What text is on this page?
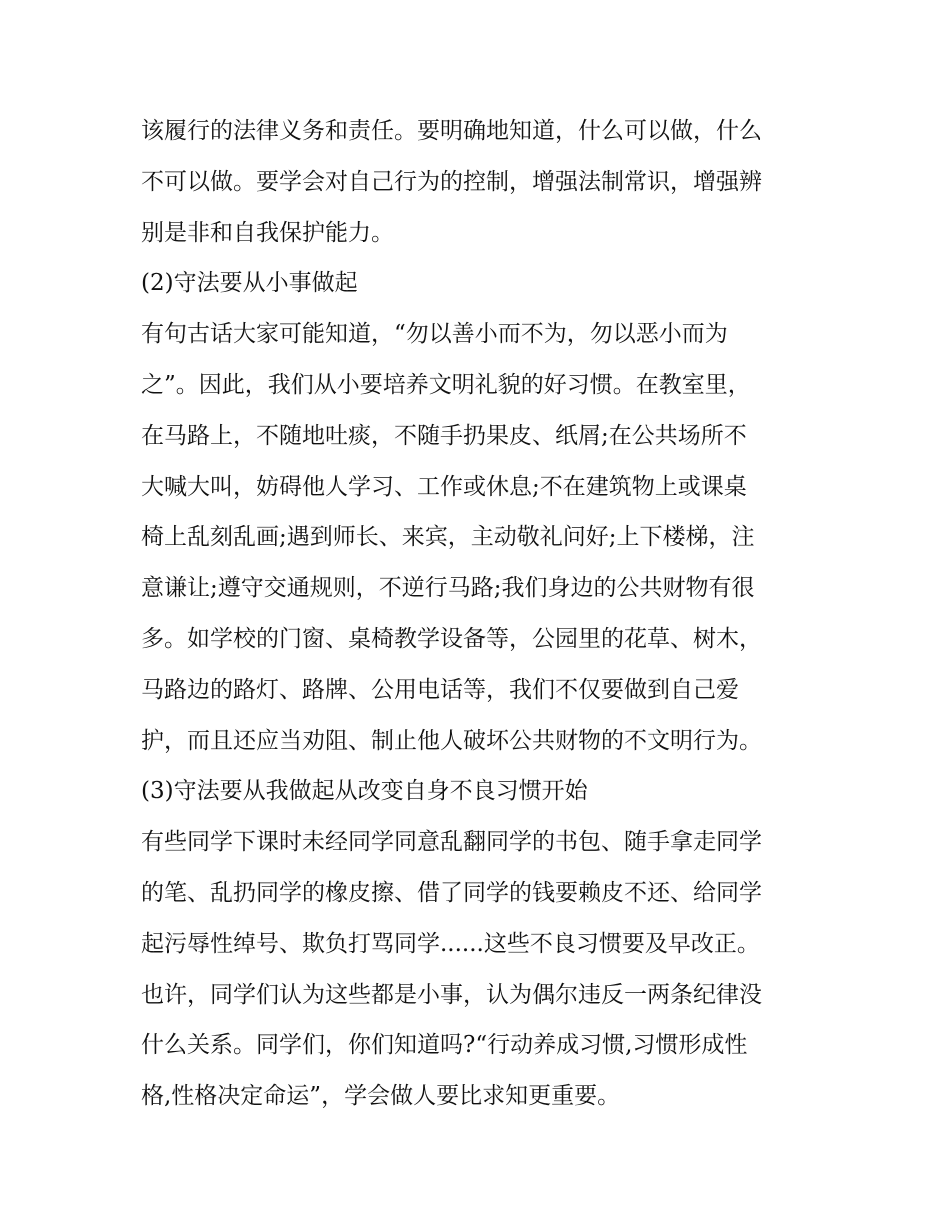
该履行的法律义务和责任。要明确地知道，什么可以做，什么

不可以做。要学会对自己行为的控制，增强法制常识，增强辨

别是非和自我保护能力。

(2)守法要从小事做起

有句古话大家可能知道，“勿以善小而不为，勿以恶小而为

之”。因此，我们从小要培养文明礼貌的好习惯。在教室里，

在马路上，不随地吐痰，不随手扔果皮、纸屑;在公共场所不

大喊大叫，妨碍他人学习、工作或休息;不在建筑物上或课桌

椅上乱刻乱画;遇到师长、来宾，主动敬礼问好;上下楼梯，注

意谦让;遵守交通规则，不逆行马路;我们身边的公共财物有很

多。如学校的门窗、桌椅教学设备等，公园里的花草、树木，

马路边的路灯、路牌、公用电话等，我们不仅要做到自己爱

护，而且还应当劝阻、制止他人破坏公共财物的不文明行为。

(3)守法要从我做起从改变自身不良习惯开始

有些同学下课时未经同学同意乱翻同学的书包、随手拿走同学

的笔、乱扔同学的橡皮擦、借了同学的钱要赖皮不还、给同学

起污辱性绰号、欺负打骂同学......这些不良习惯要及早改正。

也许，同学们认为这些都是小事，认为偶尔违反一两条纪律没

什么关系。同学们，你们知道吗?“行动养成习惯,习惯形成性

格,性格决定命运”，学会做人要比求知更重要。
